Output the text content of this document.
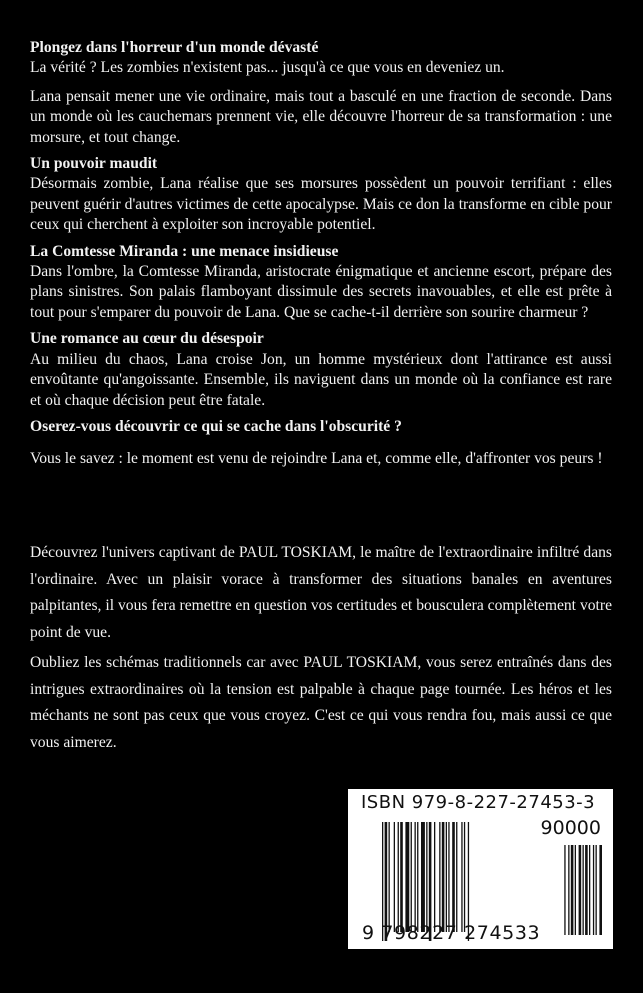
Plongez dans l'horreur d'un monde dévasté

La vérité ? Les zombies n'existent pas... jusqu'à ce que vous en deveniez un.

Lana pensait mener une vie ordinaire, mais tout a basculé en une fraction de seconde. Dans un monde où les cauchemars prennent vie, elle découvre l'horreur de sa transformation : une morsure, et tout change.

Un pouvoir maudit

Désormais zombie, Lana réalise que ses morsures possèdent un pouvoir terrifiant : elles peuvent guérir d'autres victimes de cette apocalypse. Mais ce don la transforme en cible pour ceux qui cherchent à exploiter son incroyable potentiel.

La Comtesse Miranda : une menace insidieuse

Dans l'ombre, la Comtesse Miranda, aristocrate énigmatique et ancienne escort, prépare des plans sinistres. Son palais flamboyant dissimule des secrets inavouables, et elle est prête à tout pour s'emparer du pouvoir de Lana. Que se cache-t-il derrière son sourire charmeur ?

Une romance au cœur du désespoir

Au milieu du chaos, Lana croise Jon, un homme mystérieux dont l'attirance est aussi envoûtante qu'angoissante. Ensemble, ils naviguent dans un monde où la confiance est rare et où chaque décision peut être fatale.

Oserez-vous découvrir ce qui se cache dans l'obscurité ?

Vous le savez : le moment est venu de rejoindre Lana et, comme elle, d'affronter vos peurs !

Découvrez l'univers captivant de PAUL TOSKIAM, le maître de l'extraordinaire infiltré dans l'ordinaire. Avec un plaisir vorace à transformer des situations banales en aventures palpitantes, il vous fera remettre en question vos certitudes et bousculera complètement votre point de vue.

Oubliez les schémas traditionnels car avec PAUL TOSKIAM, vous serez entraînés dans des intrigues extraordinaires où la tension est palpable à chaque page tournée. Les héros et les méchants ne sont pas ceux que vous croyez. C'est ce qui vous rendra fou, mais aussi ce que vous aimerez.

ISBN 979-8-227-27453-3
90000
9 798227 274533
